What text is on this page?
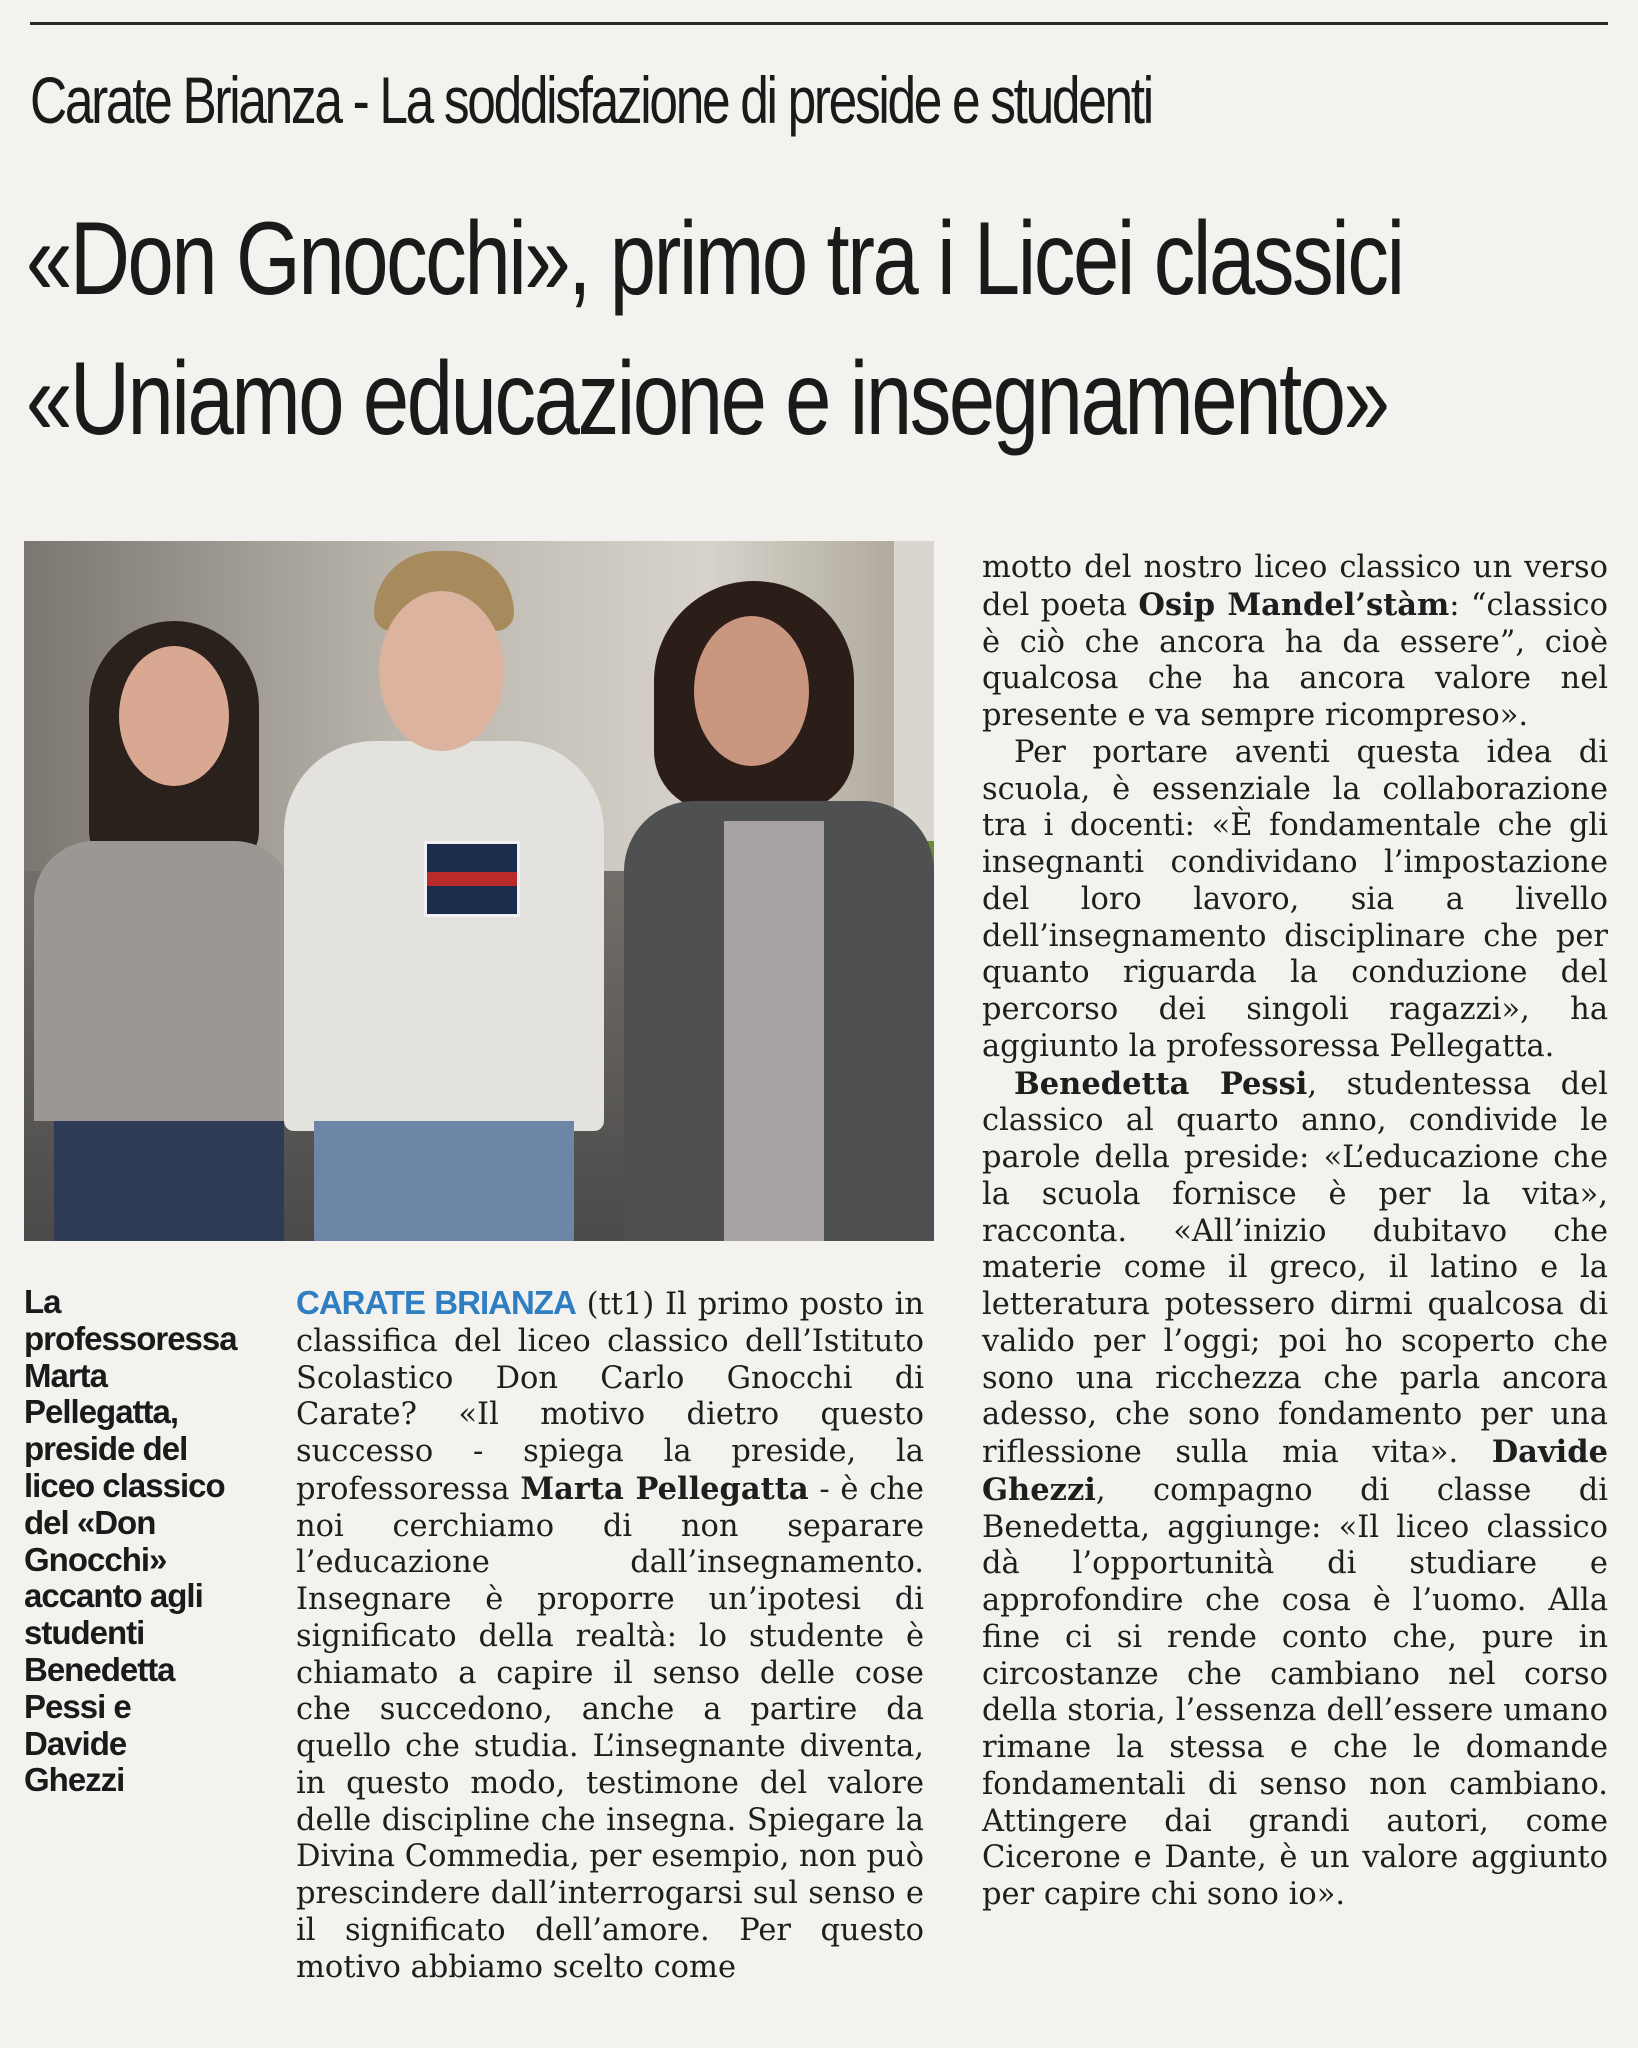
Carate Brianza - La soddisfazione di preside e studenti
«Don Gnocchi», primo tra i Licei classici
«Uniamo educazione e insegnamento»
La professoressa Marta Pellegatta, preside del liceo classico del «Don Gnocchi» accanto agli studenti Benedetta Pessi e Davide Ghezzi

CARATE BRIANZA (tt1) Il primo posto in classifica del liceo classico dell’Istituto Scolastico Don Carlo Gnocchi di Carate? «Il motivo dietro questo successo - spiega la preside, la professoressa Marta Pellegatta - è che noi cerchiamo di non separare l’educazione dall’insegnamento. Insegnare è proporre un’ipotesi di significato della realtà: lo studente è chiamato a capire il senso delle cose che succedono, anche a partire da quello che studia. L’insegnante diventa, in questo modo, testimone del valore delle discipline che insegna. Spiegare la Divina Commedia, per esempio, non può prescindere dall’interrogarsi sul senso e il significato dell’amore. Per questo motivo abbiamo scelto come

motto del nostro liceo classico un verso del poeta Osip Mandel’stàm: “classico è ciò che ancora ha da essere”, cioè qualcosa che ha ancora valore nel presente e va sempre ricompreso».

Per portare aventi questa idea di scuola, è essenziale la collaborazione tra i docenti: «È fondamentale che gli insegnanti condividano l’impostazione del loro lavoro, sia a livello dell’insegnamento disciplinare che per quanto riguarda la conduzione del percorso dei singoli ragazzi», ha aggiunto la professoressa Pellegatta.

Benedetta Pessi, studentessa del classico al quarto anno, condivide le parole della preside: «L’educazione che la scuola fornisce è per la vita», racconta. «All’inizio dubitavo che materie come il greco, il latino e la letteratura potessero dirmi qualcosa di valido per l’oggi; poi ho scoperto che sono una ricchezza che parla ancora adesso, che sono fondamento per una riflessione sulla mia vita». Davide Ghezzi, compagno di classe di Benedetta, aggiunge: «Il liceo classico dà l’opportunità di studiare e approfondire che cosa è l’uomo. Alla fine ci si rende conto che, pure in circostanze che cambiano nel corso della storia, l’essenza dell’essere umano rimane la stessa e che le domande fondamentali di senso non cambiano. Attingere dai grandi autori, come Cicerone e Dante, è un valore aggiunto per capire chi sono io».
